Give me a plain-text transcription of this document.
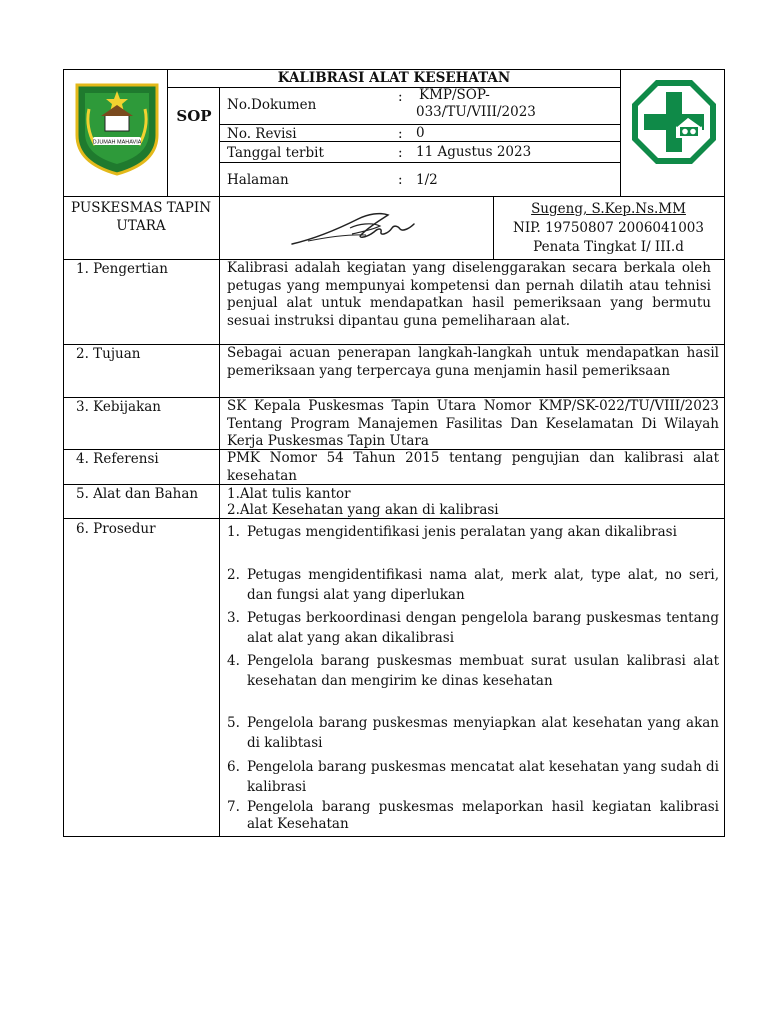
DJUMAH MAHAVIA
KALIBRASI ALAT KESEHATAN
SOP
No.Dokumen	: KMP/SOP-
033/TU/VIII/2023
No. Revisi	: 0
Tanggal terbit	: 11 Agustus 2023
Halaman	: 1/2
PUSKESMAS TAPIN UTARA
Sugeng, S.Kep.Ns.MM
NIP. 19750807 2006041003
Penata Tingkat I/ III.d
1. Pengertian	Kalibrasi adalah kegiatan yang diselenggarakan secara berkala oleh petugas yang mempunyai kompetensi dan pernah dilatih atau tehnisi penjual alat untuk mendapatkan hasil pemeriksaan yang bermutu sesuai instruksi dipantau guna pemeliharaan alat.

2. Tujuan	Sebagai acuan penerapan langkah-langkah untuk mendapatkan hasil pemeriksaan yang terpercaya guna menjamin hasil pemeriksaan

3. Kebijakan	SK Kepala Puskesmas Tapin Utara Nomor KMP/SK-022/TU/VIII/2023 Tentang Program Manajemen Fasilitas Dan Keselamatan Di Wilayah Kerja Puskesmas Tapin Utara

4. Referensi	PMK Nomor 54 Tahun 2015 tentang pengujian dan kalibrasi alat kesehatan

5. Alat dan Bahan 1.Alat tulis kantor
2.Alat Kesehatan yang akan di kalibrasi
6. Prosedur	1. Petugas mengidentifikasi jenis peralatan yang akan dikalibrasi
2. Petugas mengidentifikasi nama alat, merk alat, type alat, no seri, dan fungsi alat yang diperlukan
3. Petugas berkoordinasi dengan pengelola barang puskesmas tentang alat alat yang akan dikalibrasi
4. Pengelola barang puskesmas membuat surat usulan kalibrasi alat kesehatan dan mengirim ke dinas kesehatan
5. Pengelola barang puskesmas menyiapkan alat kesehatan yang akan di kalibtasi
6. Pengelola barang puskesmas mencatat alat kesehatan yang sudah di kalibrasi
7. Pengelola barang puskesmas melaporkan hasil kegiatan kalibrasi alat Kesehatan
